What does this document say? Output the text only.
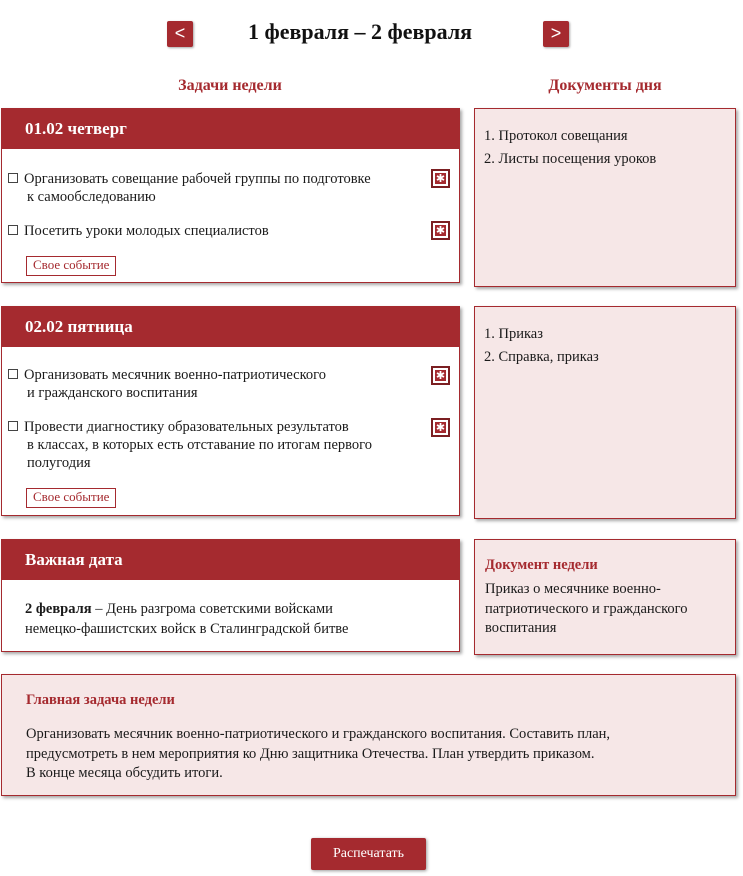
<	1 февраля – 2 февраля	>
Задачи недели	Документы дня
01.02 четверг
Организовать совещание рабочей группы по подготовке
к самообследованию
✱
Посетить уроки молодых специалистов	✱
Свое событие
1. Протокол совещания
2. Листы посещения уроков
02.02 пятница
Организовать месячник военно-патриотического
и гражданского воспитания
✱
Провести диагностику образовательных результатов
в классах, в которых есть отставание по итогам первого
полугодия
✱
Свое событие
1. Приказ
2. Справка, приказ
Важная дата
2 февраля – День разгрома советскими войсками
немецко-фашистских войск в Сталинградской битве
Документ недели
Приказ о месячнике военно-
патриотического и гражданского
воспитания
Главная задача недели
Организовать месячник военно-патриотического и гражданского воспитания. Составить план,
предусмотреть в нем мероприятия ко Дню защитника Отечества. План утвердить приказом.
В конце месяца обсудить итоги.
Распечатать
